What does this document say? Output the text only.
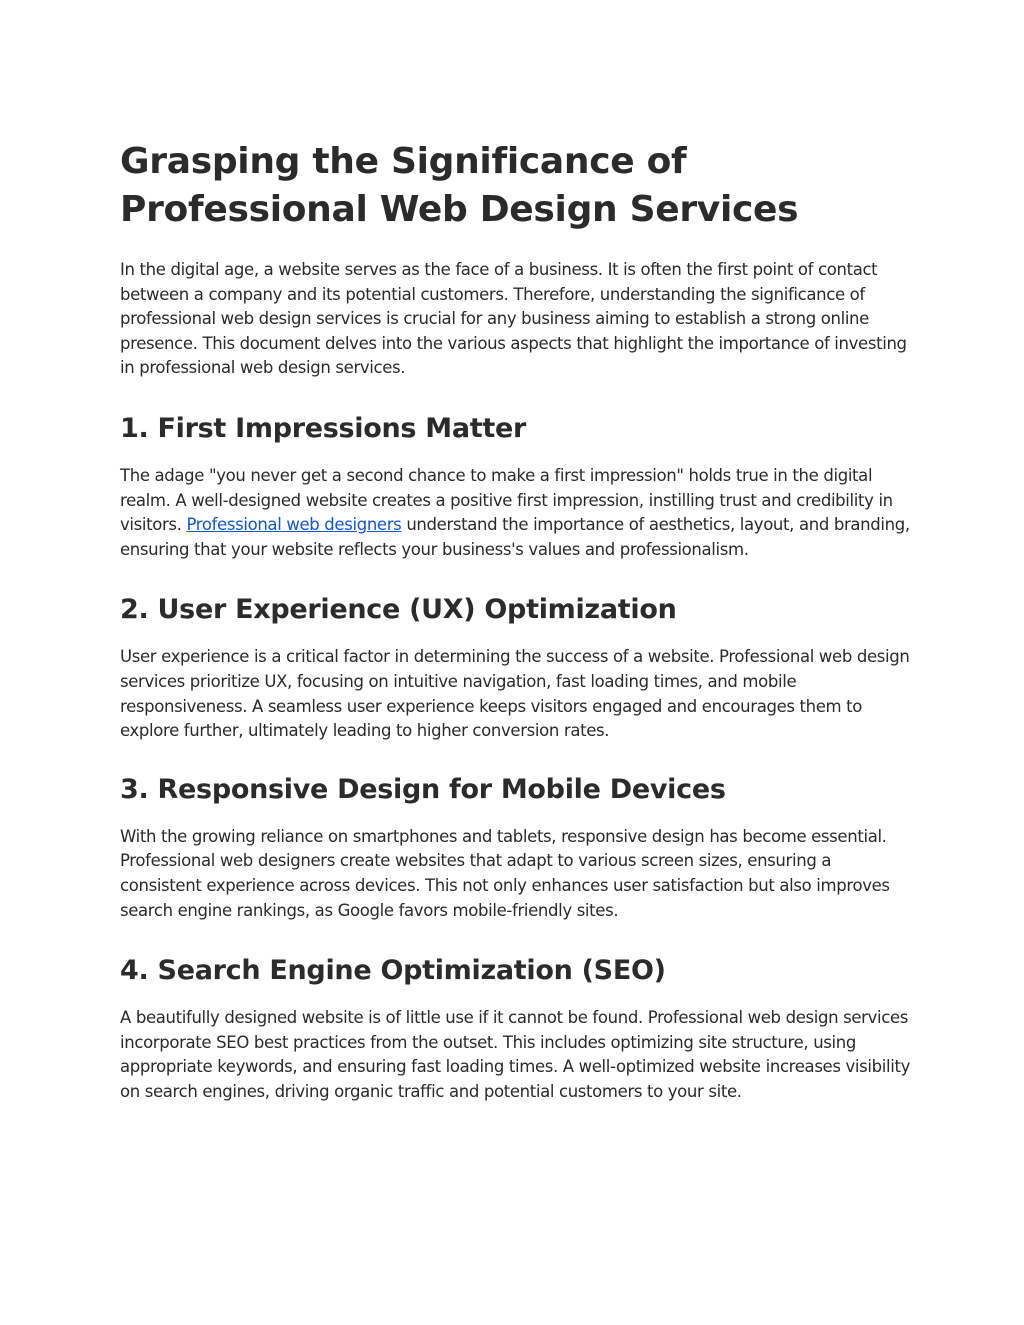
Grasping the Significance of Professional Web Design Services

In the digital age, a website serves as the face of a business. It is often the first point of contact between a company and its potential customers. Therefore, understanding the significance of professional web design services is crucial for any business aiming to establish a strong online presence. This document delves into the various aspects that highlight the importance of investing in professional web design services.

1. First Impressions Matter

The adage "you never get a second chance to make a first impression" holds true in the digital realm. A well-designed website creates a positive first impression, instilling trust and credibility in visitors. Professional web designers understand the importance of aesthetics, layout, and branding, ensuring that your website reflects your business's values and professionalism.

2. User Experience (UX) Optimization

User experience is a critical factor in determining the success of a website. Professional web design services prioritize UX, focusing on intuitive navigation, fast loading times, and mobile responsiveness. A seamless user experience keeps visitors engaged and encourages them to explore further, ultimately leading to higher conversion rates.

3. Responsive Design for Mobile Devices

With the growing reliance on smartphones and tablets, responsive design has become essential. Professional web designers create websites that adapt to various screen sizes, ensuring a consistent experience across devices. This not only enhances user satisfaction but also improves search engine rankings, as Google favors mobile-friendly sites.

4. Search Engine Optimization (SEO)

A beautifully designed website is of little use if it cannot be found. Professional web design services incorporate SEO best practices from the outset. This includes optimizing site structure, using appropriate keywords, and ensuring fast loading times. A well-optimized website increases visibility on search engines, driving organic traffic and potential customers to your site.
